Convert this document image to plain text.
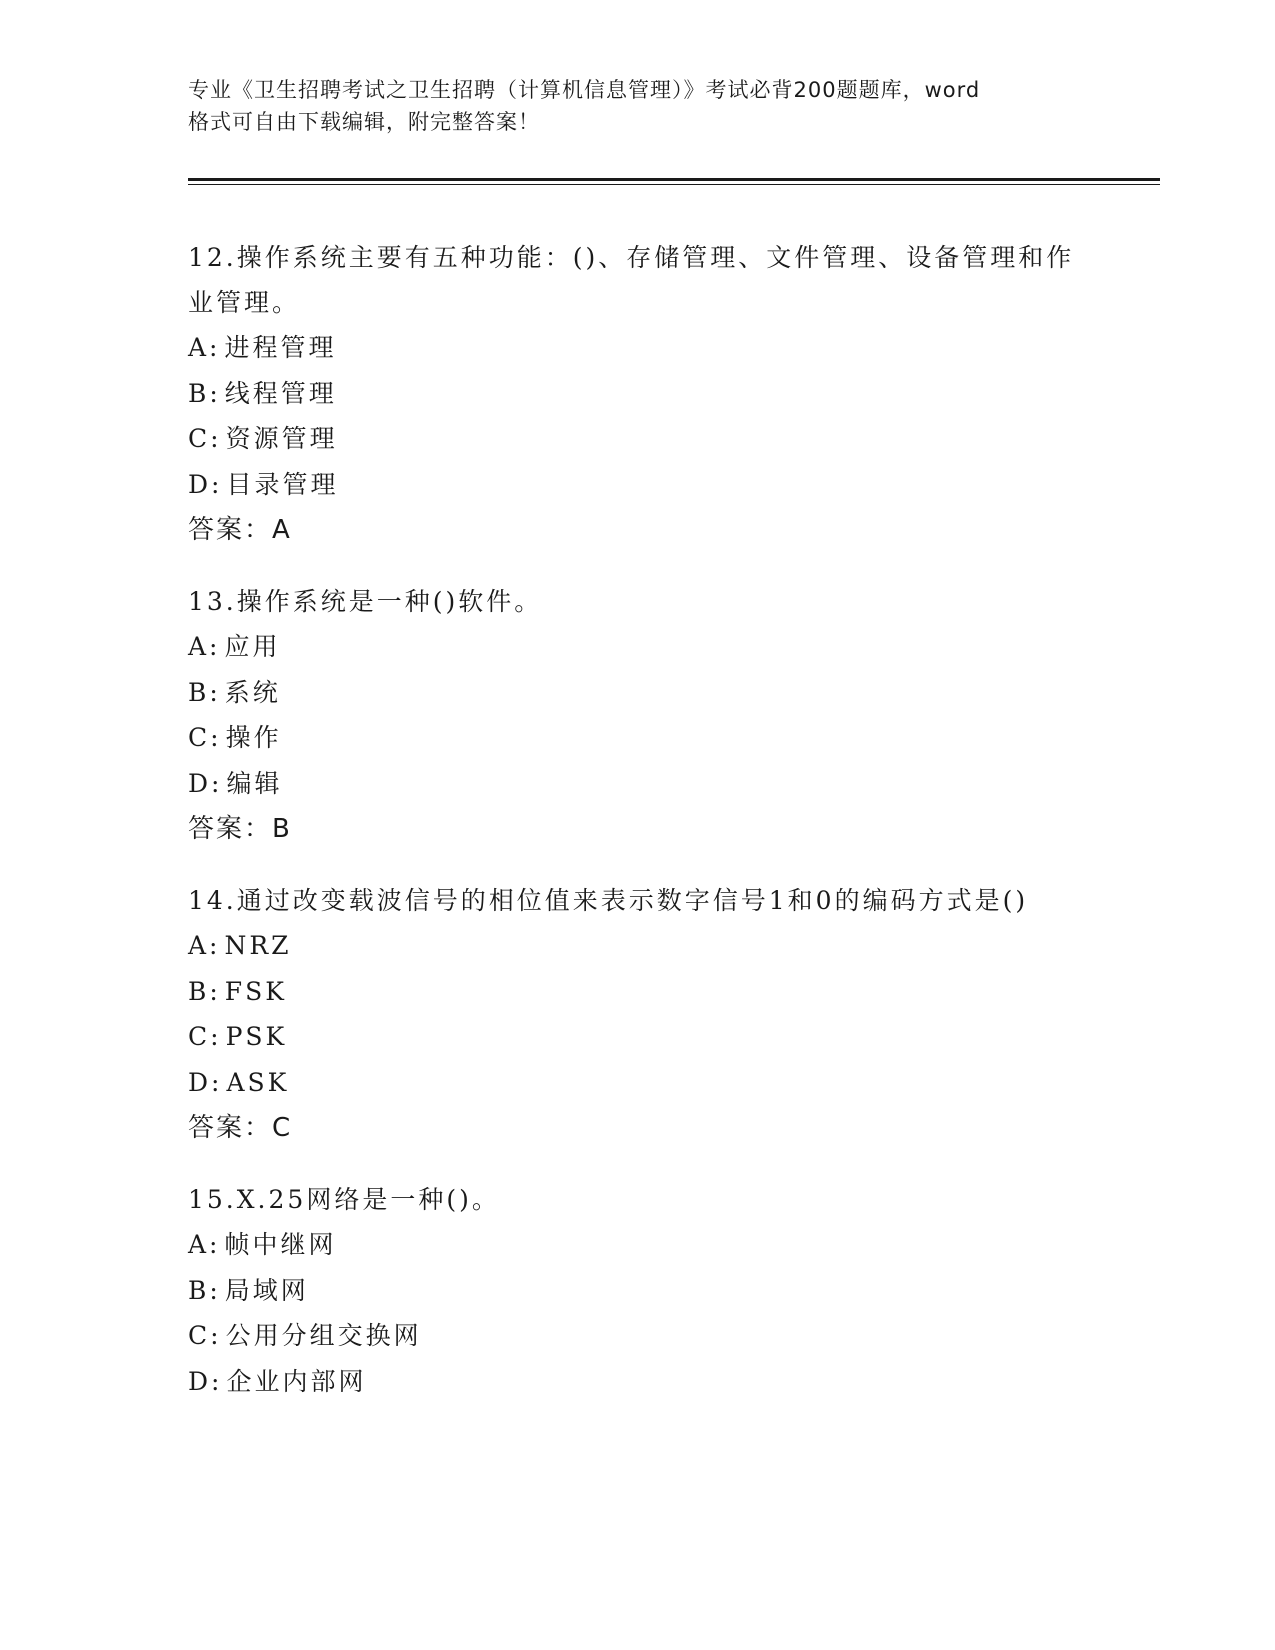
专业《卫生招聘考试之卫生招聘（计算机信息管理）》考试必背200题题库，word
格式可自由下载编辑，附完整答案！
12.操作系统主要有五种功能：()、存储管理、文件管理、设备管理和作业管理。
A: 进程管理
B: 线程管理
C: 资源管理
D: 目录管理
答案：A
13.操作系统是一种()软件。
A: 应用
B: 系统
C: 操作
D: 编辑
答案：B
14.通过改变载波信号的相位值来表示数字信号1和0的编码方式是()
A: NRZ
B: FSK
C: PSK
D: ASK
答案：C
15.X.25网络是一种()。
A: 帧中继网
B: 局域网
C: 公用分组交换网
D: 企业内部网
